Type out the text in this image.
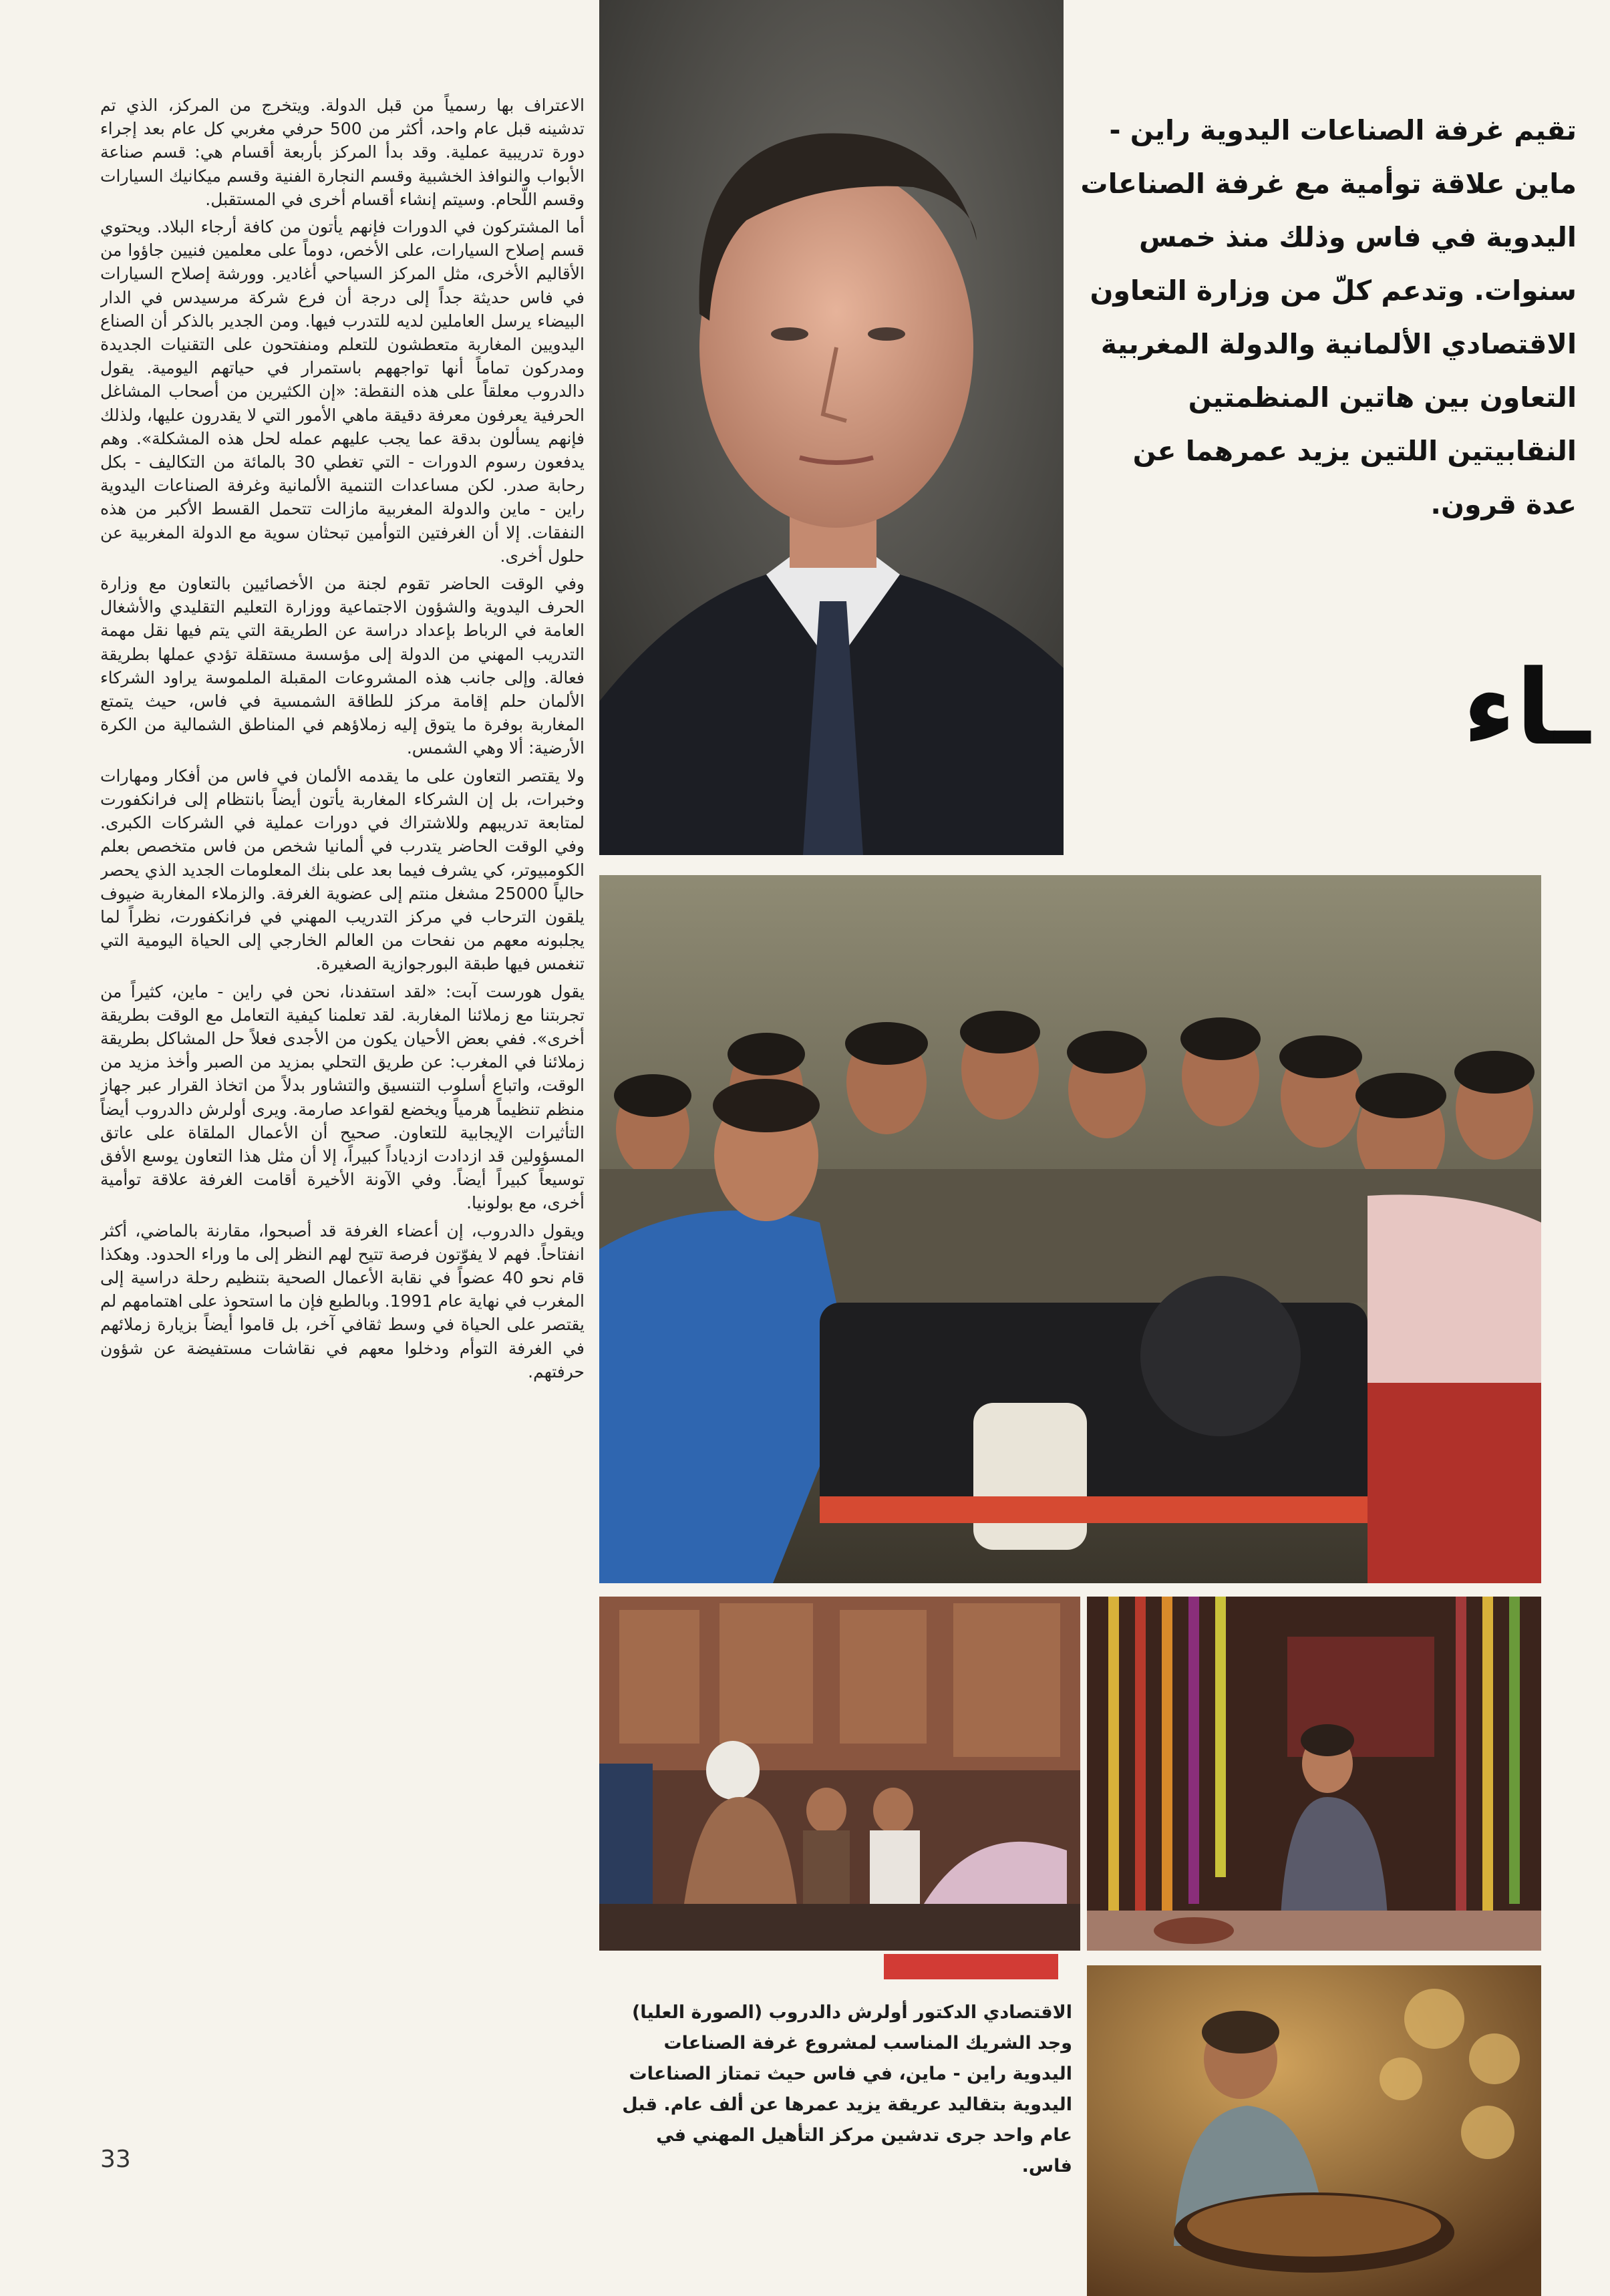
الاعتراف بها رسمياً من قبل الدولة. ويتخرج من المركز، الذي تم تدشينه قبل عام واحد، أكثر من 500 حرفي مغربي كل عام بعد إجراء دورة تدريبية عملية. وقد بدأ المركز بأربعة أقسام هي: قسم صناعة الأبواب والنوافذ الخشبية وقسم النجارة الفنية وقسم ميكانيك السيارات وقسم اللّحام. وسيتم إنشاء أقسام أخرى في المستقبل.

أما المشتركون في الدورات فإنهم يأتون من كافة أرجاء البلاد. ويحتوي قسم إصلاح السيارات، على الأخص، دوماً على معلمين فنيين جاؤوا من الأقاليم الأخرى، مثل المركز السياحي أغادير. وورشة إصلاح السيارات في فاس حديثة جداً إلى درجة أن فرع شركة مرسيدس في الدار البيضاء يرسل العاملين لديه للتدرب فيها. ومن الجدير بالذكر أن الصناع اليدويين المغاربة متعطشون للتعلم ومنفتحون على التقنيات الجديدة ومدركون تماماً أنها تواجههم باستمرار في حياتهم اليومية. يقول دالدروب معلقاً على هذه النقطة: «إن الكثيرين من أصحاب المشاغل الحرفية يعرفون معرفة دقيقة ماهي الأمور التي لا يقدرون عليها، ولذلك فإنهم يسألون بدقة عما يجب عليهم عمله لحل هذه المشكلة». وهم يدفعون رسوم الدورات - التي تغطي 30 بالمائة من التكاليف - بكل رحابة صدر. لكن مساعدات التنمية الألمانية وغرفة الصناعات اليدوية راين - ماين والدولة المغربية مازالت تتحمل القسط الأكبر من هذه النفقات. إلا أن الغرفتين التوأمين تبحثان سوية مع الدولة المغربية عن حلول أخرى.

وفي الوقت الحاضر تقوم لجنة من الأخصائيين بالتعاون مع وزارة الحرف اليدوية والشؤون الاجتماعية ووزارة التعليم التقليدي والأشغال العامة في الرباط بإعداد دراسة عن الطريقة التي يتم فيها نقل مهمة التدريب المهني من الدولة إلى مؤسسة مستقلة تؤدي عملها بطريقة فعالة. وإلى جانب هذه المشروعات المقبلة الملموسة يراود الشركاء الألمان حلم إقامة مركز للطاقة الشمسية في فاس، حيث يتمتع المغاربة بوفرة ما يتوق إليه زملاؤهم في المناطق الشمالية من الكرة الأرضية: ألا وهي الشمس.

ولا يقتصر التعاون على ما يقدمه الألمان في فاس من أفكار ومهارات وخبرات، بل إن الشركاء المغاربة يأتون أيضاً بانتظام إلى فرانكفورت لمتابعة تدريبهم وللاشتراك في دورات عملية في الشركات الكبرى. وفي الوقت الحاضر يتدرب في ألمانيا شخص من فاس متخصص بعلم الكومبيوتر، كي يشرف فيما بعد على بنك المعلومات الجديد الذي يحصر حالياً 25000 مشغل منتم إلى عضوية الغرفة. والزملاء المغاربة ضيوف يلقون الترحاب في مركز التدريب المهني في فرانكفورت، نظراً لما يجلبونه معهم من نفحات من العالم الخارجي إلى الحياة اليومية التي تنغمس فيها طبقة البورجوازية الصغيرة.

يقول هورست آبت: «لقد استفدنا، نحن في راين - ماين، كثيراً من تجربتنا مع زملائنا المغاربة. لقد تعلمنا كيفية التعامل مع الوقت بطريقة أخرى». ففي بعض الأحيان يكون من الأجدى فعلاً حل المشاكل بطريقة زملائنا في المغرب: عن طريق التحلي بمزيد من الصبر وأخذ مزيد من الوقت، واتباع أسلوب التنسيق والتشاور بدلاً من اتخاذ القرار عبر جهاز منظم تنظيماً هرمياً ويخضع لقواعد صارمة. ويرى أولرش دالدروب أيضاً التأثيرات الإيجابية للتعاون. صحيح أن الأعمال الملقاة على عاتق المسؤولين قد ازدادت ازدياداً كبيراً، إلا أن مثل هذا التعاون يوسع الأفق توسيعاً كبيراً أيضاً. وفي الآونة الأخيرة أقامت الغرفة علاقة توأمية أخرى، مع بولونيا.

ويقول دالدروب، إن أعضاء الغرفة قد أصبحوا، مقارنة بالماضي، أكثر انفتاحاً. فهم لا يفوّتون فرصة تتيح لهم النظر إلى ما وراء الحدود. وهكذا قام نحو 40 عضواً في نقابة الأعمال الصحية بتنظيم رحلة دراسية إلى المغرب في نهاية عام 1991. وبالطبع فإن ما استحوذ على اهتمامهم لم يقتصر على الحياة في وسط ثقافي آخر، بل قاموا أيضاً بزيارة زملائهم في الغرفة التوأم ودخلوا معهم في نقاشات مستفيضة عن شؤون حرفتهم.

33
تقيم غرفة الصناعات اليدوية راين - ماين علاقة توأمية مع غرفة الصناعات اليدوية في فاس وذلك منذ خمس سنوات. وتدعم كلّ من وزارة التعاون الاقتصادي الألمانية والدولة المغربية التعاون بين هاتين المنظمتين النقابيتين اللتين يزيد عمرهما عن عدة قرون.
ـاء
الاقتصادي الدكتور أولرش دالدروب (الصورة العليا) وجد الشريك المناسب لمشروع غرفة الصناعات اليدوية راين - ماين، في فاس حيث تمتاز الصناعات اليدوية بتقاليد عريقة يزيد عمرها عن ألف عام. قبل عام واحد جرى تدشين مركز التأهيل المهني في فاس.
